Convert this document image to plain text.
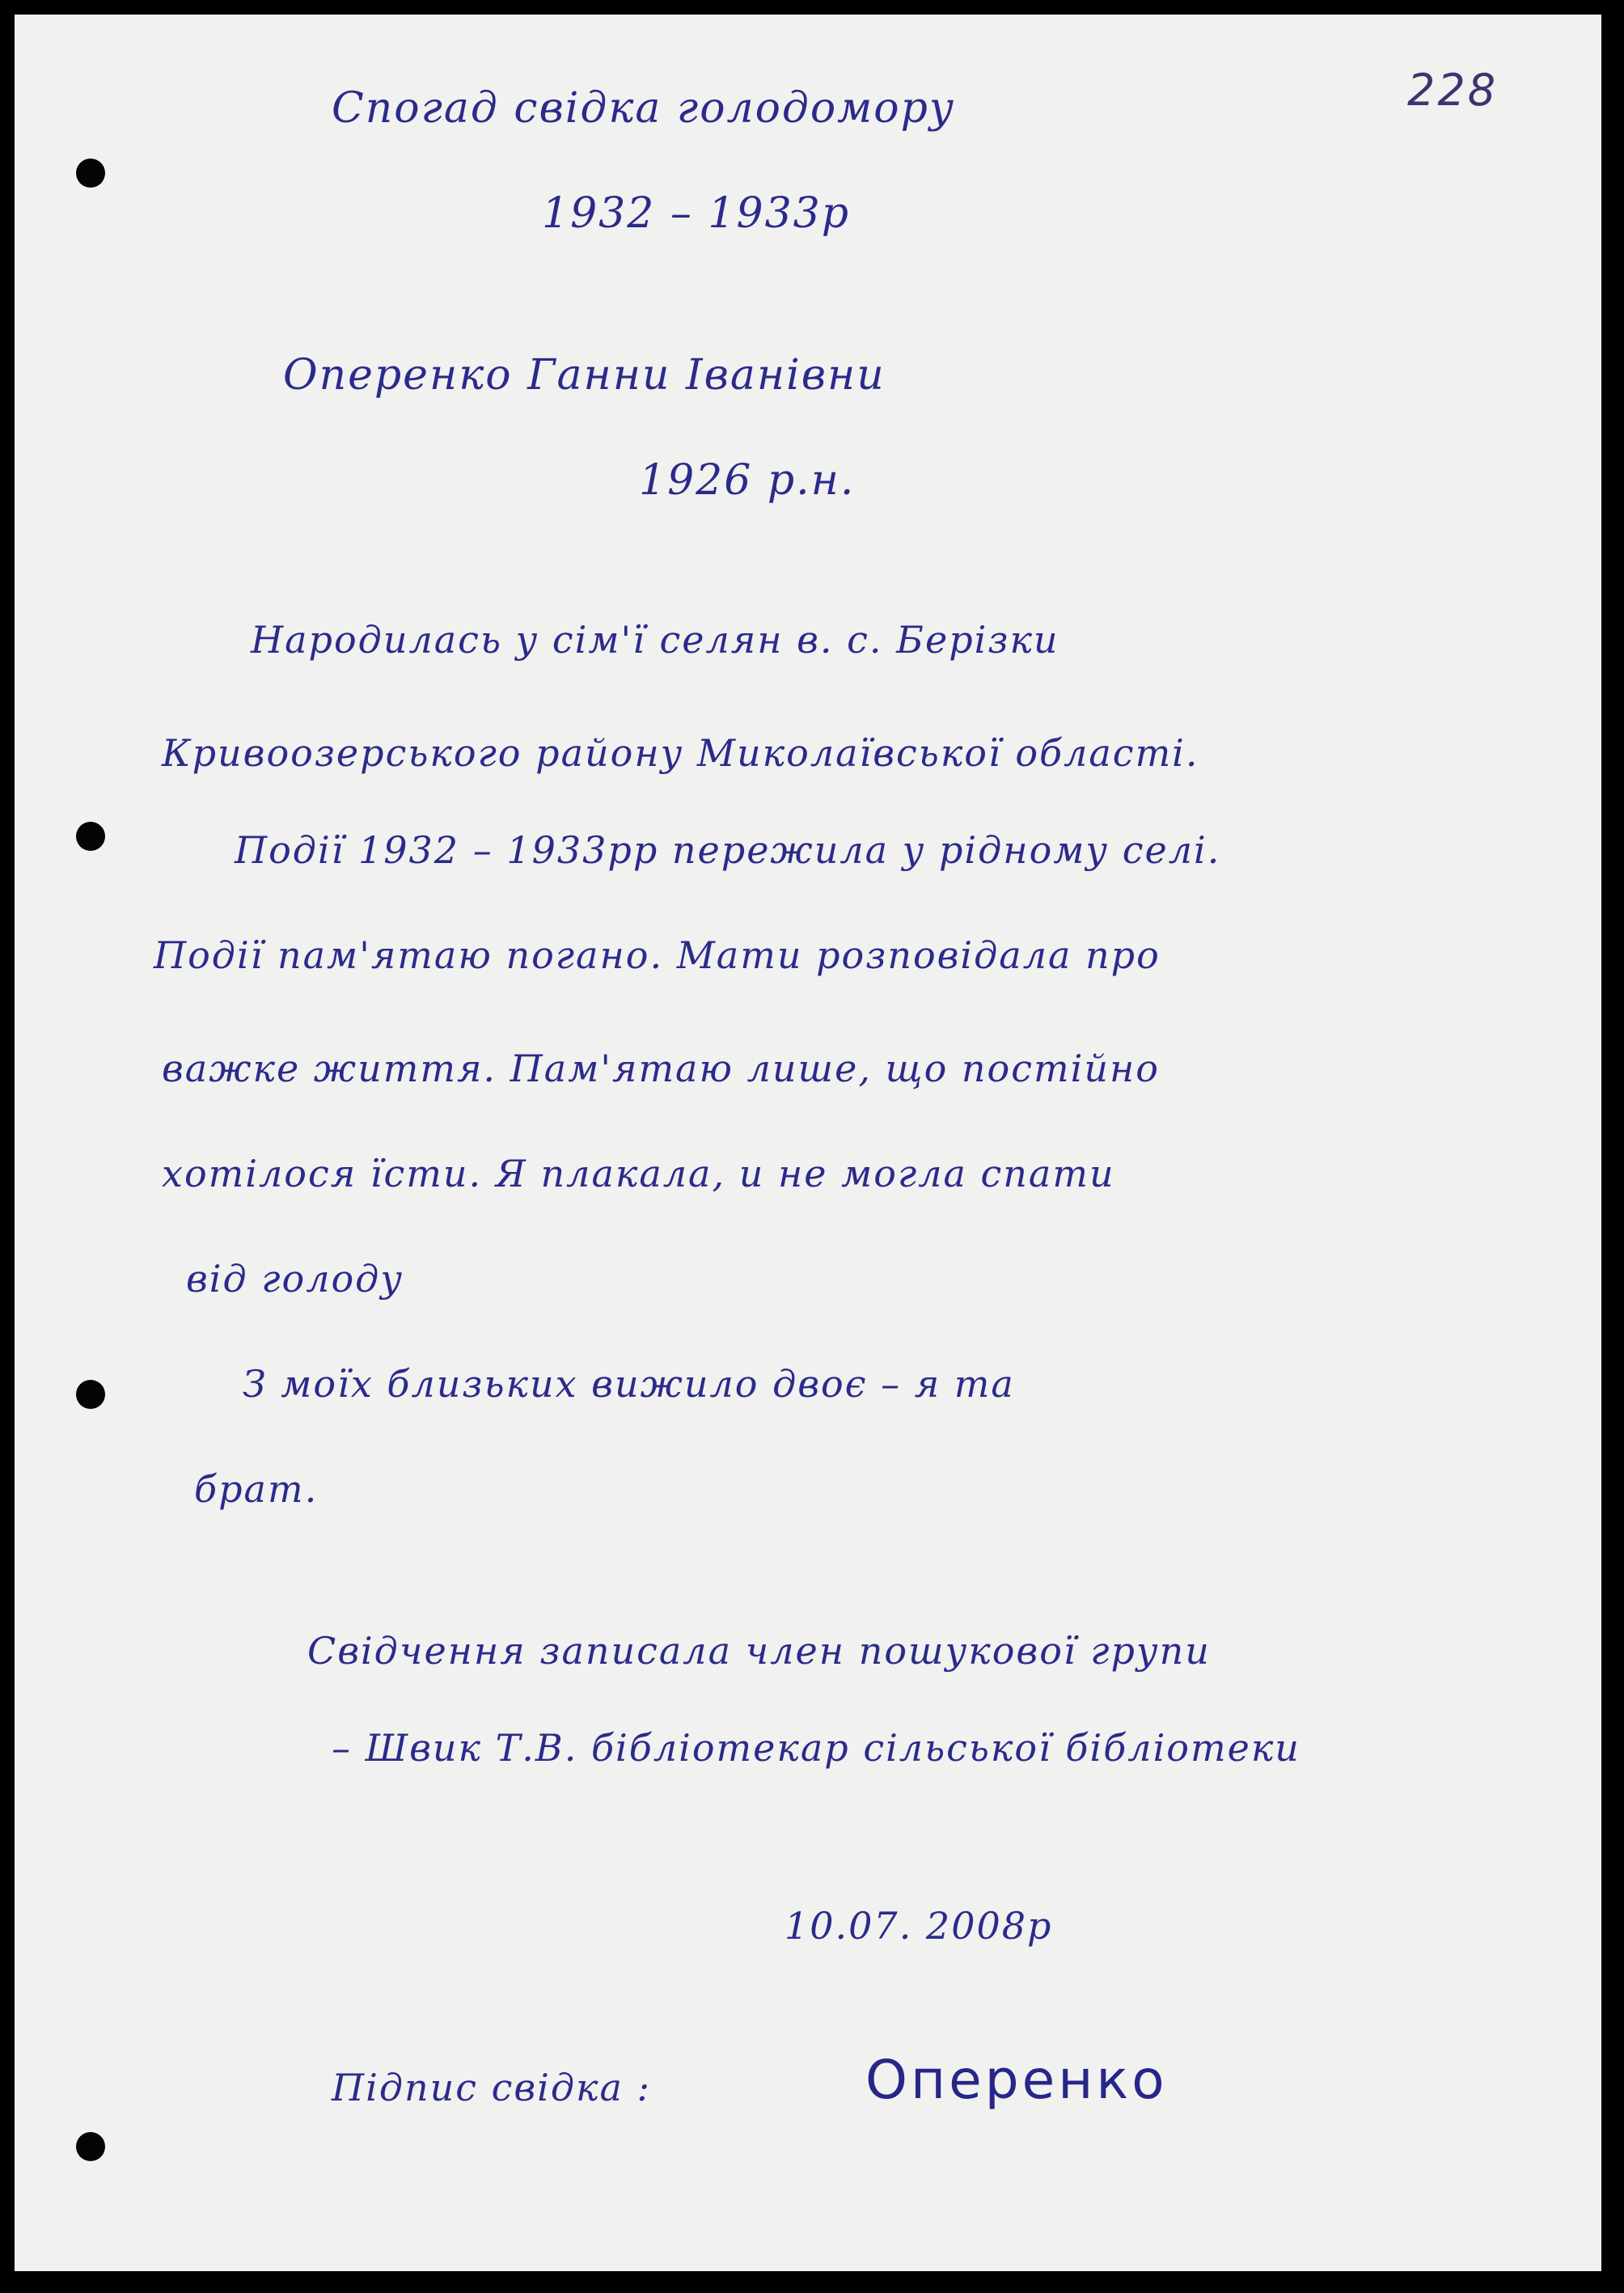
228

Спогад свідка голодомору

1932 – 1933р

Оперенко Ганни Іванівни

1926 р.н.

Народилась у сім'ї селян в. с. Берізки

Кривоозерського району Миколаївської області.

Події 1932 – 1933рр пережила у рідному селі.

Події пам'ятаю погано. Мати розповідала про

важке життя. Пам'ятаю лише, що постійно

хотілося їсти. Я плакала, и не могла спати

від голоду

З моїх близьких вижило двоє – я та

брат.

Свідчення записала член пошукової групи

– Швик Т.В. бібліотекар сільської бібліотеки

10.07. 2008р

Підпис свідка :	Оперенко
